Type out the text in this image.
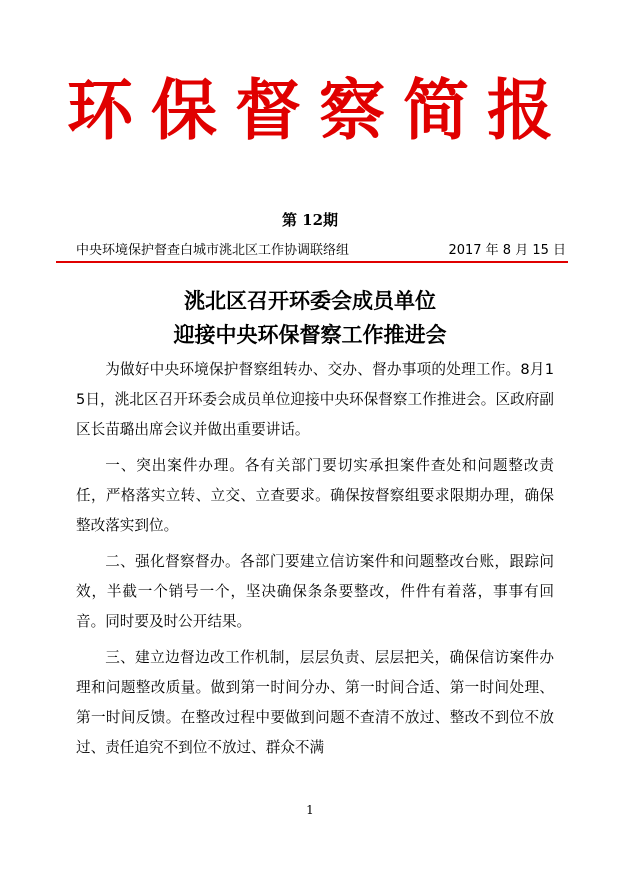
环保督察简报
第 12期
中央环境保护督查白城市洮北区工作协调联络组	2017 年 8 月 15 日
洮北区召开环委会成员单位
迎接中央环保督察工作推进会

为做好中央环境保护督察组转办、交办、督办事项的处理工作。8月15日，洮北区召开环委会成员单位迎接中央环保督察工作推进会。区政府副区长苗璐出席会议并做出重要讲话。

一、突出案件办理。各有关部门要切实承担案件查处和问题整改责任，严格落实立转、立交、立查要求。确保按督察组要求限期办理，确保整改落实到位。

二、强化督察督办。各部门要建立信访案件和问题整改台账，跟踪问效，半截一个销号一个，坚决确保条条要整改，件件有着落，事事有回音。同时要及时公开结果。

三、建立边督边改工作机制，层层负责、层层把关，确保信访案件办理和问题整改质量。做到第一时间分办、第一时间合适、第一时间处理、第一时间反馈。在整改过程中要做到问题不查清不放过、整改不到位不放过、责任追究不到位不放过、群众不满

1
